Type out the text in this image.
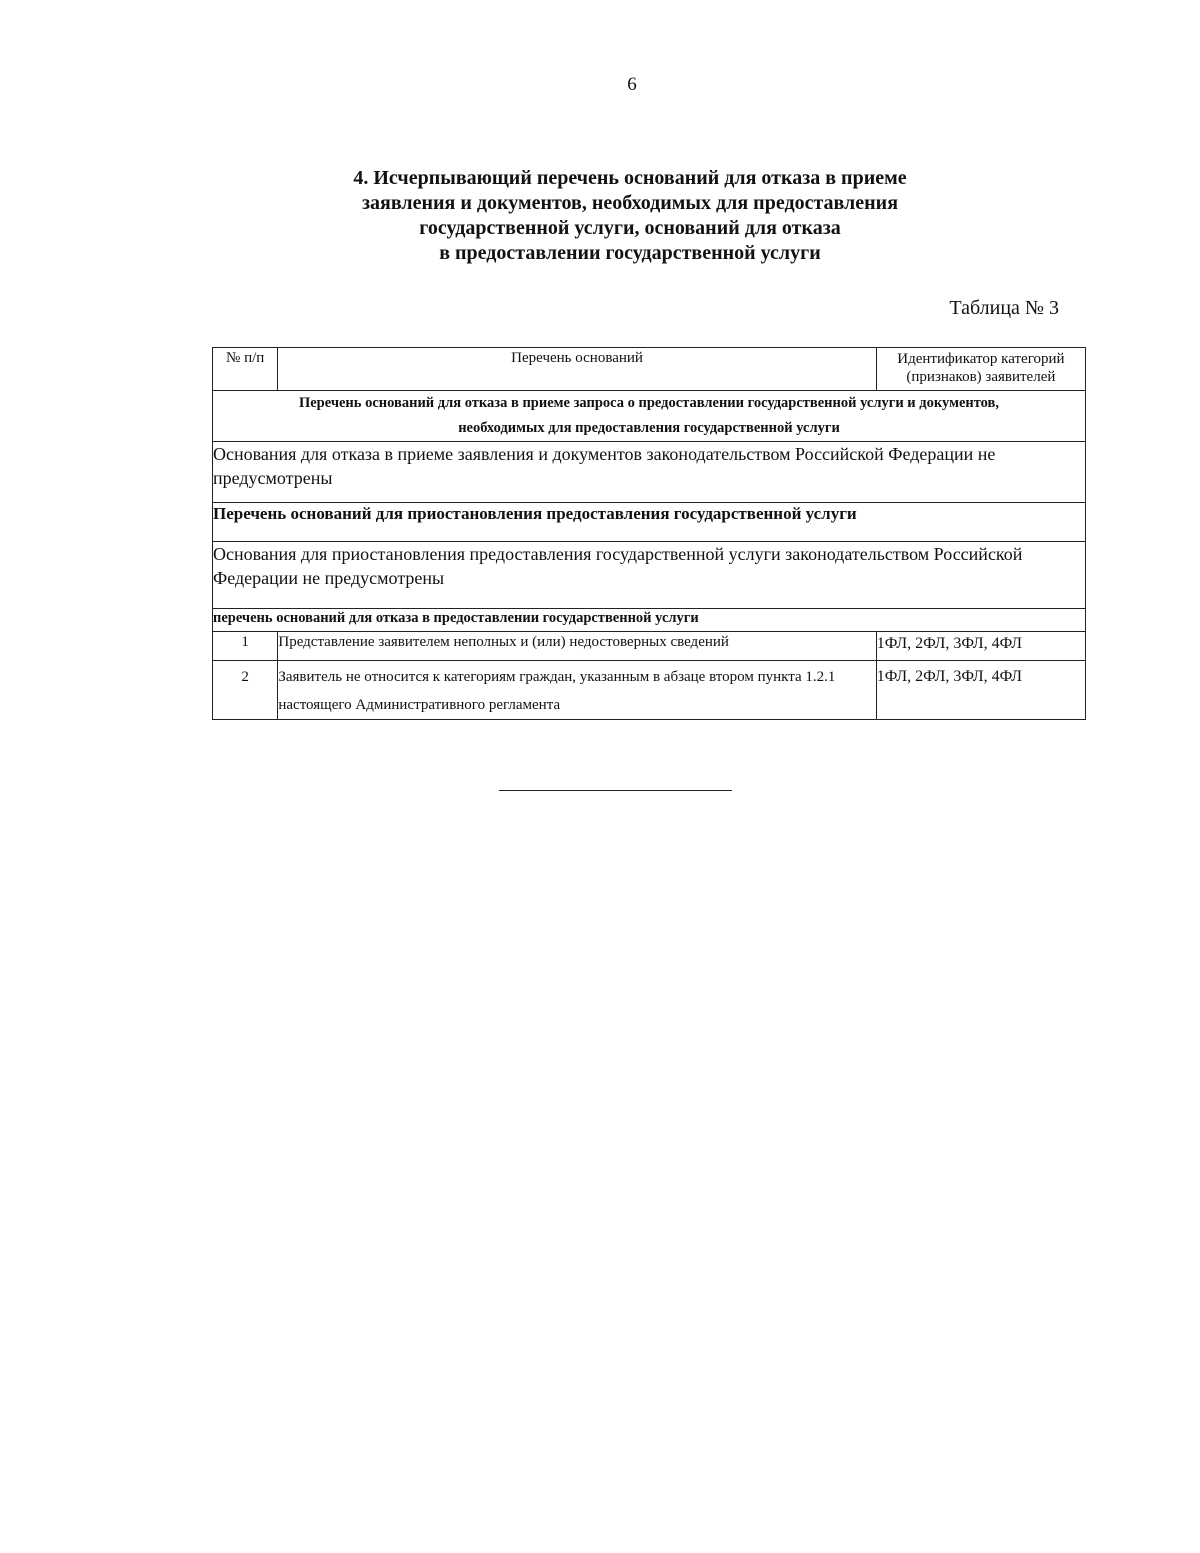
6
4. Исчерпывающий перечень оснований для отказа в приеме
заявления и документов, необходимых для предоставления
государственной услуги, оснований для отказа
в предоставлении государственной услуги
Таблица № 3
№ п/п	Перечень оснований	Идентификатор категорий
(признаков) заявителей

Перечень оснований для отказа в приеме запроса о предоставлении государственной услуги и документов,
необходимых для предоставления государственной услуги		

Основания для отказа в приеме заявления и документов законодательством Российской Федерации не предусмотрены		
Перечень оснований для приостановления предоставления государственной услуги		
Основания для приостановления предоставления государственной услуги законодательством Российской Федерации не предусмотрены		
перечень оснований для отказа в предоставлении государственной услуги		
1	Представление заявителем неполных и (или) недостоверных сведений	1ФЛ, 2ФЛ, 3ФЛ, 4ФЛ
2	Заявитель не относится к категориям граждан, указанным в абзаце втором пункта 1.2.1 настоящего Административного регламента	1ФЛ, 2ФЛ, 3ФЛ, 4ФЛ
